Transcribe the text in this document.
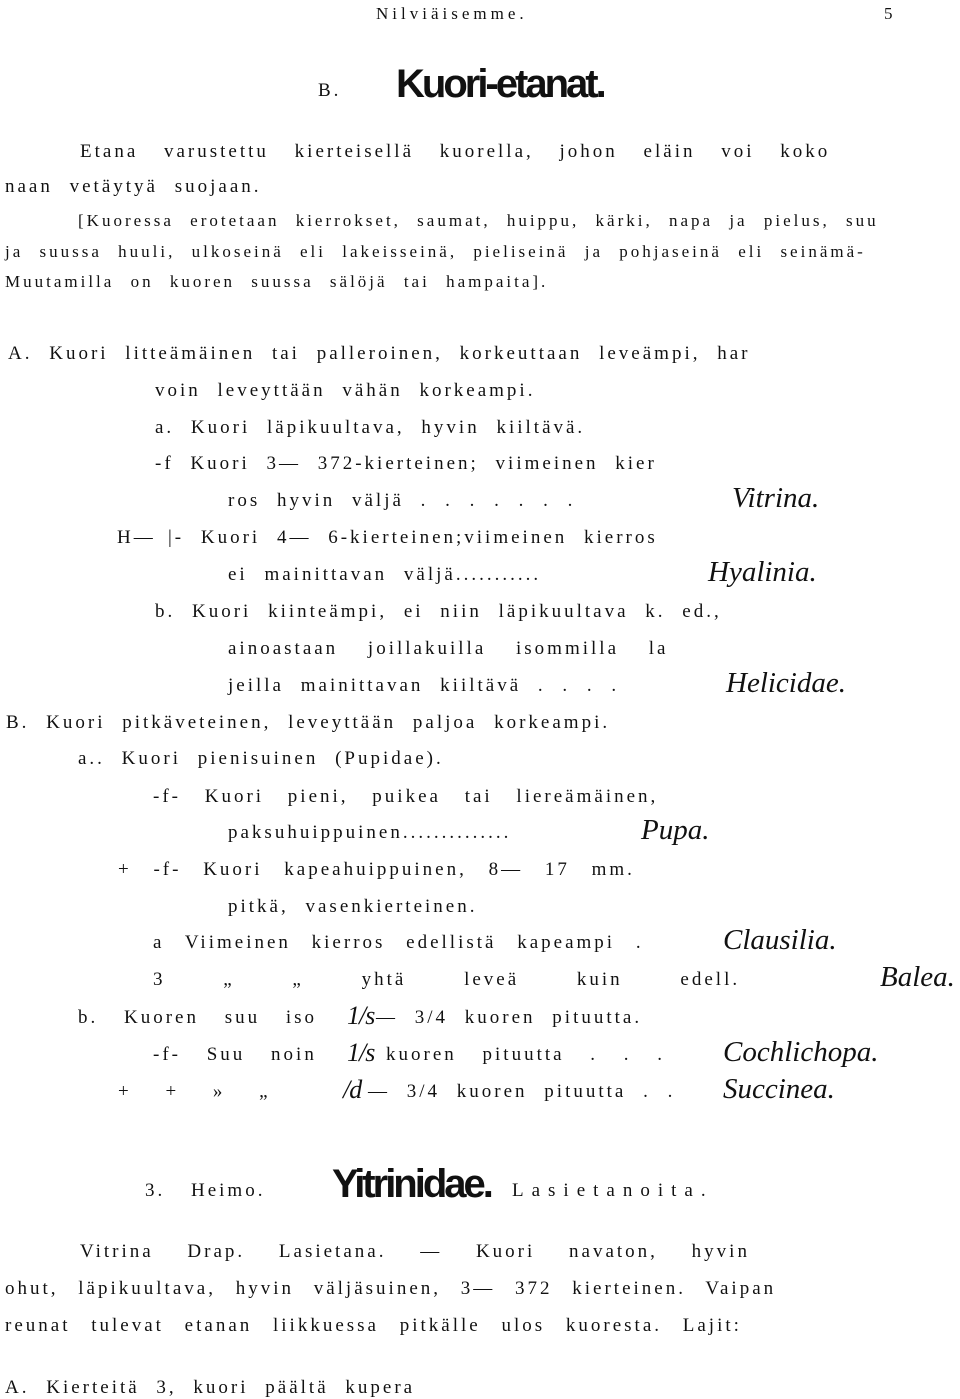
Nilviäisemme.	5
B. Kuori-etanat.
Etana varustettu kierteisellä kuorella, johon eläin voi koko
naan vetäytyä suojaan.
[Kuoressa erotetaan kierrokset, saumat, huippu, kärki, napa ja pielus, suu
ja suussa huuli, ulkoseinä eli lakeisseinä, pieliseinä ja pohjaseinä eli seinämä-
Muutamilla on kuoren suussa sälöjä tai hampaita].
A. Kuori litteämäinen tai palleroinen, korkeuttaan leveämpi, har
voin leveyttään vähän korkeampi.
a. Kuori läpikuultava, hyvin kiiltävä.
-f Kuori 3— 372-kierteinen; viimeinen kier
ros hyvin väljä . . . . . . .	Vitrina.
H— |- Kuori 4— 6-kierteinen;viimeinen kierros
ei mainittavan väljä...........	Hyalinia.
b. Kuori kiinteämpi, ei niin läpikuultava k. ed.,
ainoastaan joillakuilla isommilla la
jeilla mainittavan kiiltävä . . . .	Helicidae.
B. Kuori pitkäveteinen, leveyttään paljoa korkeampi.
a.. Kuori pienisuinen (Pupidae).
-f- Kuori pieni, puikea tai liereämäinen,
paksuhuippuinen..............	Pupa.
+ -f- Kuori kapeahuippuinen, 8— 17 mm.
pitkä, vasenkierteinen.
a Viimeinen kierros edellistä kapeampi .	Clausilia.
3 „ „ yhtä leveä kuin edell.	Balea.
b. Kuoren suu iso 1/s — 3/4 kuoren pituutta.
-f- Suu noin 1/s kuoren pituutta . . . Cochlichopa.
+ + » „	/d — 3/4 kuoren pituutta . . Succinea.
3. Heimo. Yitrinidae. Lasietanoita.
Vitrina Drap. Lasietana. — Kuori navaton, hyvin
ohut, läpikuultava, hyvin väljäsuinen, 3— 372 kierteinen. Vaipan
reunat tulevat etanan liikkuessa pitkälle ulos kuoresta. Lajit:
A. Kierteitä 3, kuori päältä kupera
